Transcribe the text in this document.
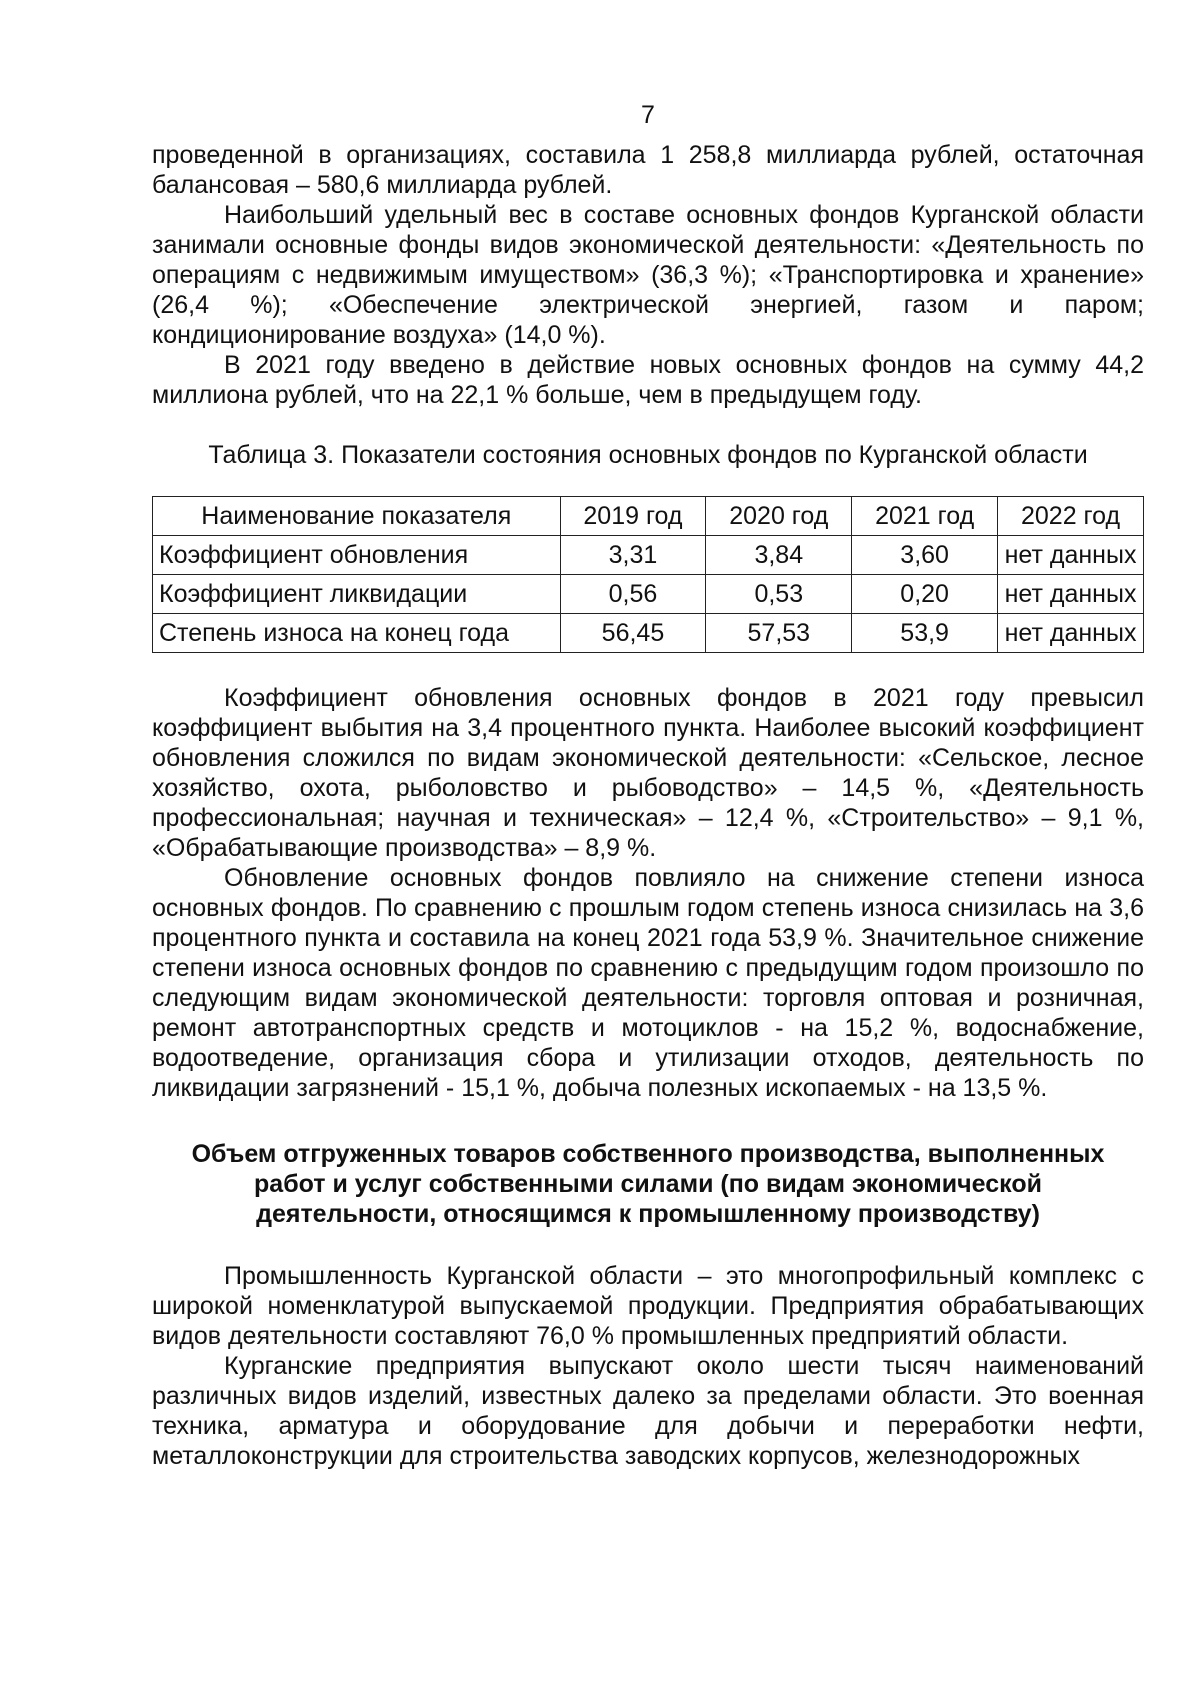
7

проведенной в организациях, составила 1 258,8 миллиарда рублей, остаточная балансовая – 580,6 миллиарда рублей.

Наибольший удельный вес в составе основных фондов Курганской области занимали основные фонды видов экономической деятельности: «Деятельность по операциям с недвижимым имуществом» (36,3 %); «Транспортировка и хранение» (26,4 %); «Обеспечение электрической энергией, газом и паром; кондиционирование воздуха» (14,0 %).

В 2021 году введено в действие новых основных фондов на сумму 44,2 миллиона рублей, что на 22,1 % больше, чем в предыдущем году.

Таблица 3. Показатели состояния основных фондов по Курганской области
Наименование показателя	2019 год	2020 год	2021 год	2022 год
Коэффициент обновления	3,31	3,84	3,60	нет данных
Коэффициент ликвидации	0,56	0,53	0,20	нет данных
Степень износа на конец года	56,45	57,53	53,9	нет данных

Коэффициент обновления основных фондов в 2021 году превысил коэффициент выбытия на 3,4 процентного пункта. Наиболее высокий коэффициент обновления сложился по видам экономической деятельности: «Сельское, лесное хозяйство, охота, рыболовство и рыбоводство» – 14,5 %, «Деятельность профессиональная; научная и техническая» – 12,4 %, «Строительство» – 9,1 %, «Обрабатывающие производства» – 8,9 %.

Обновление основных фондов повлияло на снижение степени износа основных фондов. По сравнению с прошлым годом степень износа снизилась на 3,6 процентного пункта и составила на конец 2021 года 53,9 %. Значительное снижение степени износа основных фондов по сравнению с предыдущим годом произошло по следующим видам экономической деятельности: торговля оптовая и розничная, ремонт автотранспортных средств и мотоциклов - на 15,2 %, водоснабжение, водоотведение, организация сбора и утилизации отходов, деятельность по ликвидации загрязнений - 15,1 %, добыча полезных ископаемых - на 13,5 %.

Объем отгруженных товаров собственного производства, выполненных работ и услуг собственными силами (по видам экономической деятельности, относящимся к промышленному производству)

Промышленность Курганской области – это многопрофильный комплекс с широкой номенклатурой выпускаемой продукции. Предприятия обрабатывающих видов деятельности составляют 76,0 % промышленных предприятий области.

Курганские предприятия выпускают около шести тысяч наименований различных видов изделий, известных далеко за пределами области. Это военная техника, арматура и оборудование для добычи и переработки нефти, металлоконструкции для строительства заводских корпусов, железнодорожных
